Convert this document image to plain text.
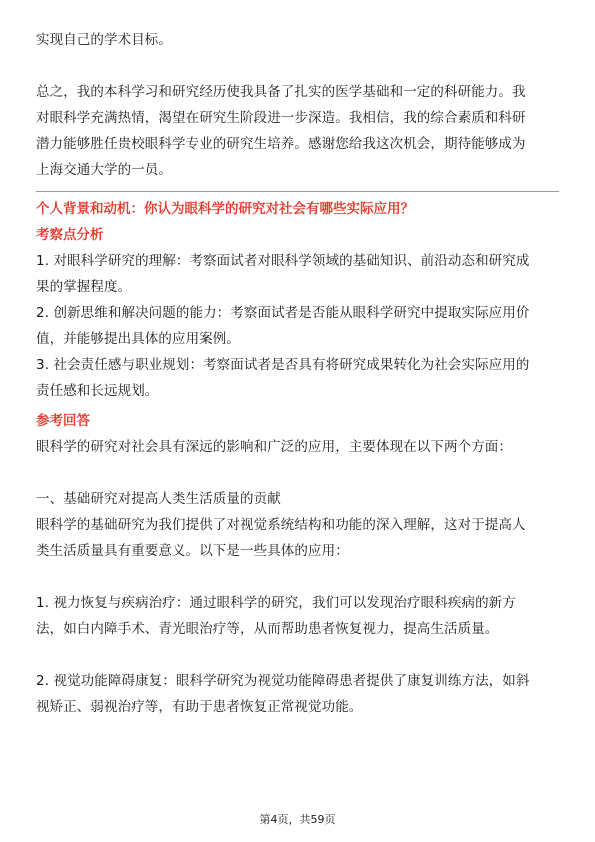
实现自己的学术目标。

总之，我的本科学习和研究经历使我具备了扎实的医学基础和一定的科研能力。我

对眼科学充满热情，渴望在研究生阶段进一步深造。我相信，我的综合素质和科研

潜力能够胜任贵校眼科学专业的研究生培养。感谢您给我这次机会，期待能够成为

上海交通大学的一员。

个人背景和动机：你认为眼科学的研究对社会有哪些实际应用？

考察点分析

1. 对眼科学研究的理解：考察面试者对眼科学领域的基础知识、前沿动态和研究成

果的掌握程度。

2. 创新思维和解决问题的能力：考察面试者是否能从眼科学研究中提取实际应用价

值，并能够提出具体的应用案例。

3. 社会责任感与职业规划：考察面试者是否具有将研究成果转化为社会实际应用的

责任感和长远规划。

参考回答

眼科学的研究对社会具有深远的影响和广泛的应用，主要体现在以下两个方面：

一、基础研究对提高人类生活质量的贡献

眼科学的基础研究为我们提供了对视觉系统结构和功能的深入理解，这对于提高人

类生活质量具有重要意义。以下是一些具体的应用：

1. 视力恢复与疾病治疗：通过眼科学的研究，我们可以发现治疗眼科疾病的新方

法，如白内障手术、青光眼治疗等，从而帮助患者恢复视力，提高生活质量。

2. 视觉功能障碍康复：眼科学研究为视觉功能障碍患者提供了康复训练方法，如斜

视矫正、弱视治疗等，有助于患者恢复正常视觉功能。

第4页，共59页
